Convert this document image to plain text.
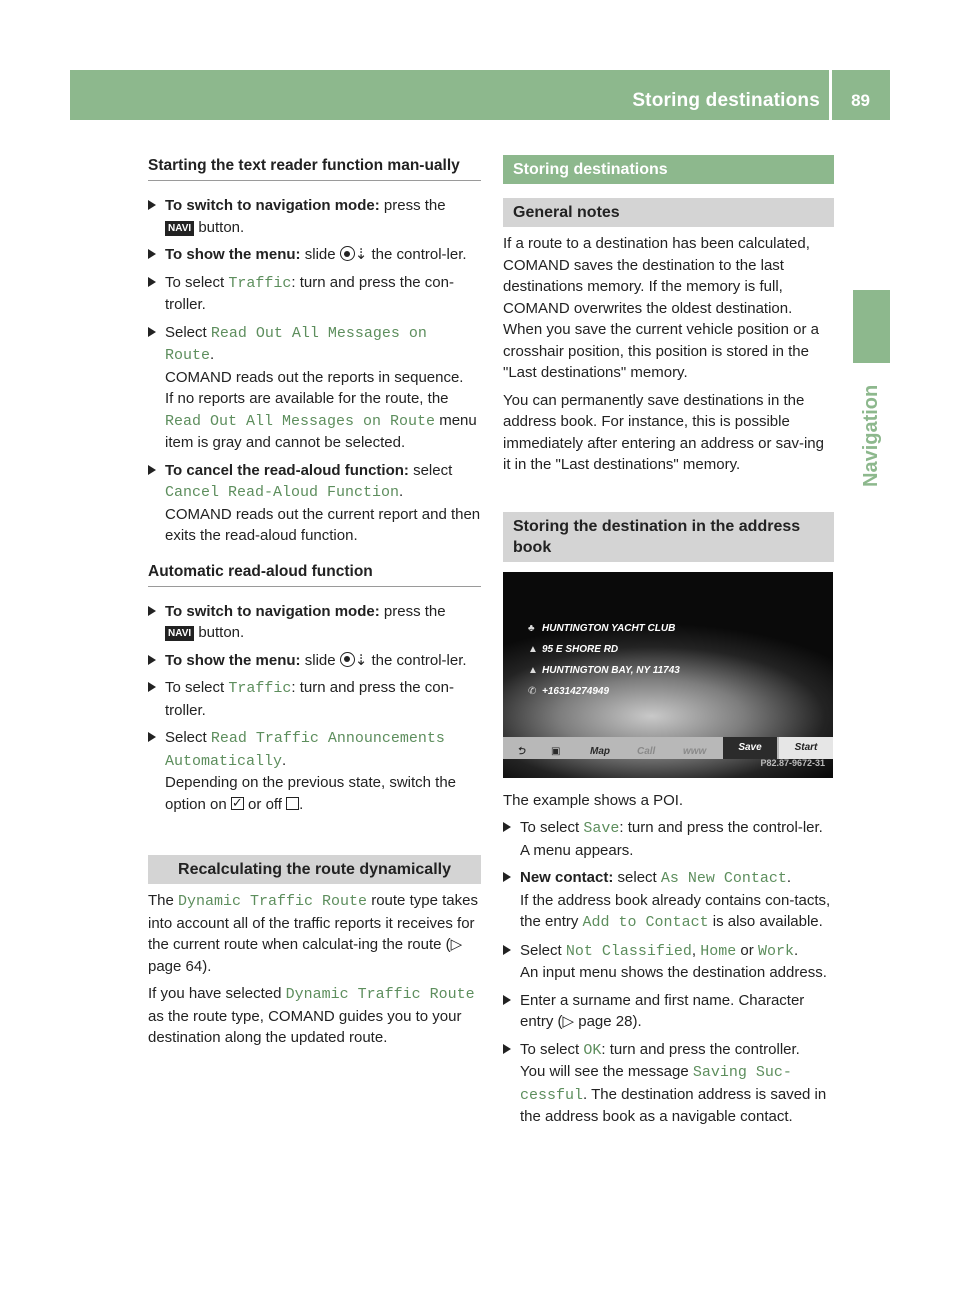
Storing destinations 89
Navigation
Starting the text reader function man-ually
To switch to navigation mode: press the
NAVI button.
To show the menu: slide ⇣ the control-ler.
To select Traffic: turn and press the con-troller.
Select Read Out All Messages on Route.
COMAND reads out the reports in sequence.
If no reports are available for the route, the Read Out All Messages on Route menu item is gray and cannot be selected.
To cancel the read-aloud function: select Cancel Read-Aloud Function.
COMAND reads out the current report and then exits the read-aloud function.
Automatic read-aloud function
To switch to navigation mode: press the
NAVI button.
To show the menu: slide ⇣ the control-ler.
To select Traffic: turn and press the con-troller.
Select Read Traffic Announcements Automatically.
Depending on the previous state, switch the option on ✓ or off .
Recalculating the route dynamically
The Dynamic Traffic Route route type takes into account all of the traffic reports it receives for the current route when calculat-ing the route (▷ page 64).
If you have selected Dynamic Traffic Route as the route type, COMAND guides you to your destination along the updated route.
Storing destinations
General notes
If a route to a destination has been calculated, COMAND saves the destination to the last destinations memory. If the memory is full, COMAND overwrites the oldest destination. When you save the current vehicle position or a crosshair position, this position is stored in the "Last destinations" memory.
You can permanently save destinations in the address book. For instance, this is possible immediately after entering an address or sav-ing it in the "Last destinations" memory.
Storing the destination in the address book
♣ HUNTINGTON YACHT CLUB
▲ 95 E SHORE RD
▲ HUNTINGTON BAY, NY 11743
✆ +16314274949
⮌	▣	Map	Call	www	Save	Start
P82.87-9672-31
The example shows a POI.
To select Save: turn and press the control-ler.
A menu appears.
New contact: select As New Contact.
If the address book already contains con-tacts, the entry Add to Contact is also available.
Select Not Classified, Home or Work.
An input menu shows the destination address.
Enter a surname and first name. Character entry (▷ page 28).
To select OK: turn and press the controller.
You will see the message Saving Suc-cessful. The destination address is saved in the address book as a navigable contact.
